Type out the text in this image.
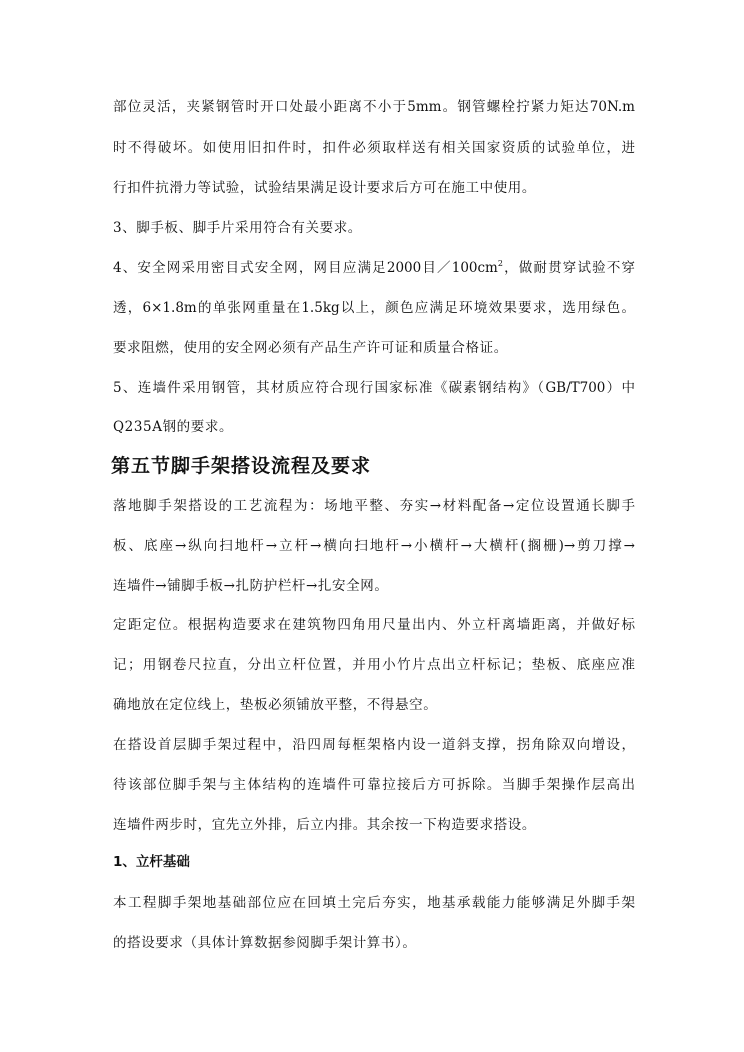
部位灵活，夹紧钢管时开口处最小距离不小于5mm。钢管螺栓拧紧力矩达70N.m
时不得破坏。如使用旧扣件时，扣件必须取样送有相关国家资质的试验单位，进
行扣件抗滑力等试验，试验结果满足设计要求后方可在施工中使用。
3、脚手板、脚手片采用符合有关要求。
4、安全网采用密目式安全网，网目应满足2000目$/100cm^2$，做耐贯穿试验不穿
透，6×1.8m的单张网重量在1.5kg以上，颜色应满足环境效果要求，选用绿色。
要求阻燃，使用的安全网必须有产品生产许可证和质量合格证。
5、连墙件采用钢管，其材质应符合现行国家标准《碳素钢结构》（GB/T700）中
Q235A钢的要求。
第五节脚手架搭设流程及要求
落地脚手架搭设的工艺流程为：场地平整、夯实→材料配备→定位设置通长脚手
板、底座→纵向扫地杆→立杆→横向扫地杆→小横杆→大横杆(搁栅)→剪刀撑→
连墙件→铺脚手板→扎防护栏杆→扎安全网。
定距定位。根据构造要求在建筑物四角用尺量出内、外立杆离墙距离，并做好标
记；用钢卷尺拉直，分出立杆位置，并用小竹片点出立杆标记；垫板、底座应准
确地放在定位线上，垫板必须铺放平整，不得悬空。
在搭设首层脚手架过程中，沿四周每框架格内设一道斜支撑，拐角除双向增设，
待该部位脚手架与主体结构的连墙件可靠拉接后方可拆除。当脚手架操作层高出
连墙件两步时，宜先立外排，后立内排。其余按一下构造要求搭设。
1、立杆基础
本工程脚手架地基础部位应在回填土完后夯实，地基承载能力能够满足外脚手架
的搭设要求（具体计算数据参阅脚手架计算书）。
